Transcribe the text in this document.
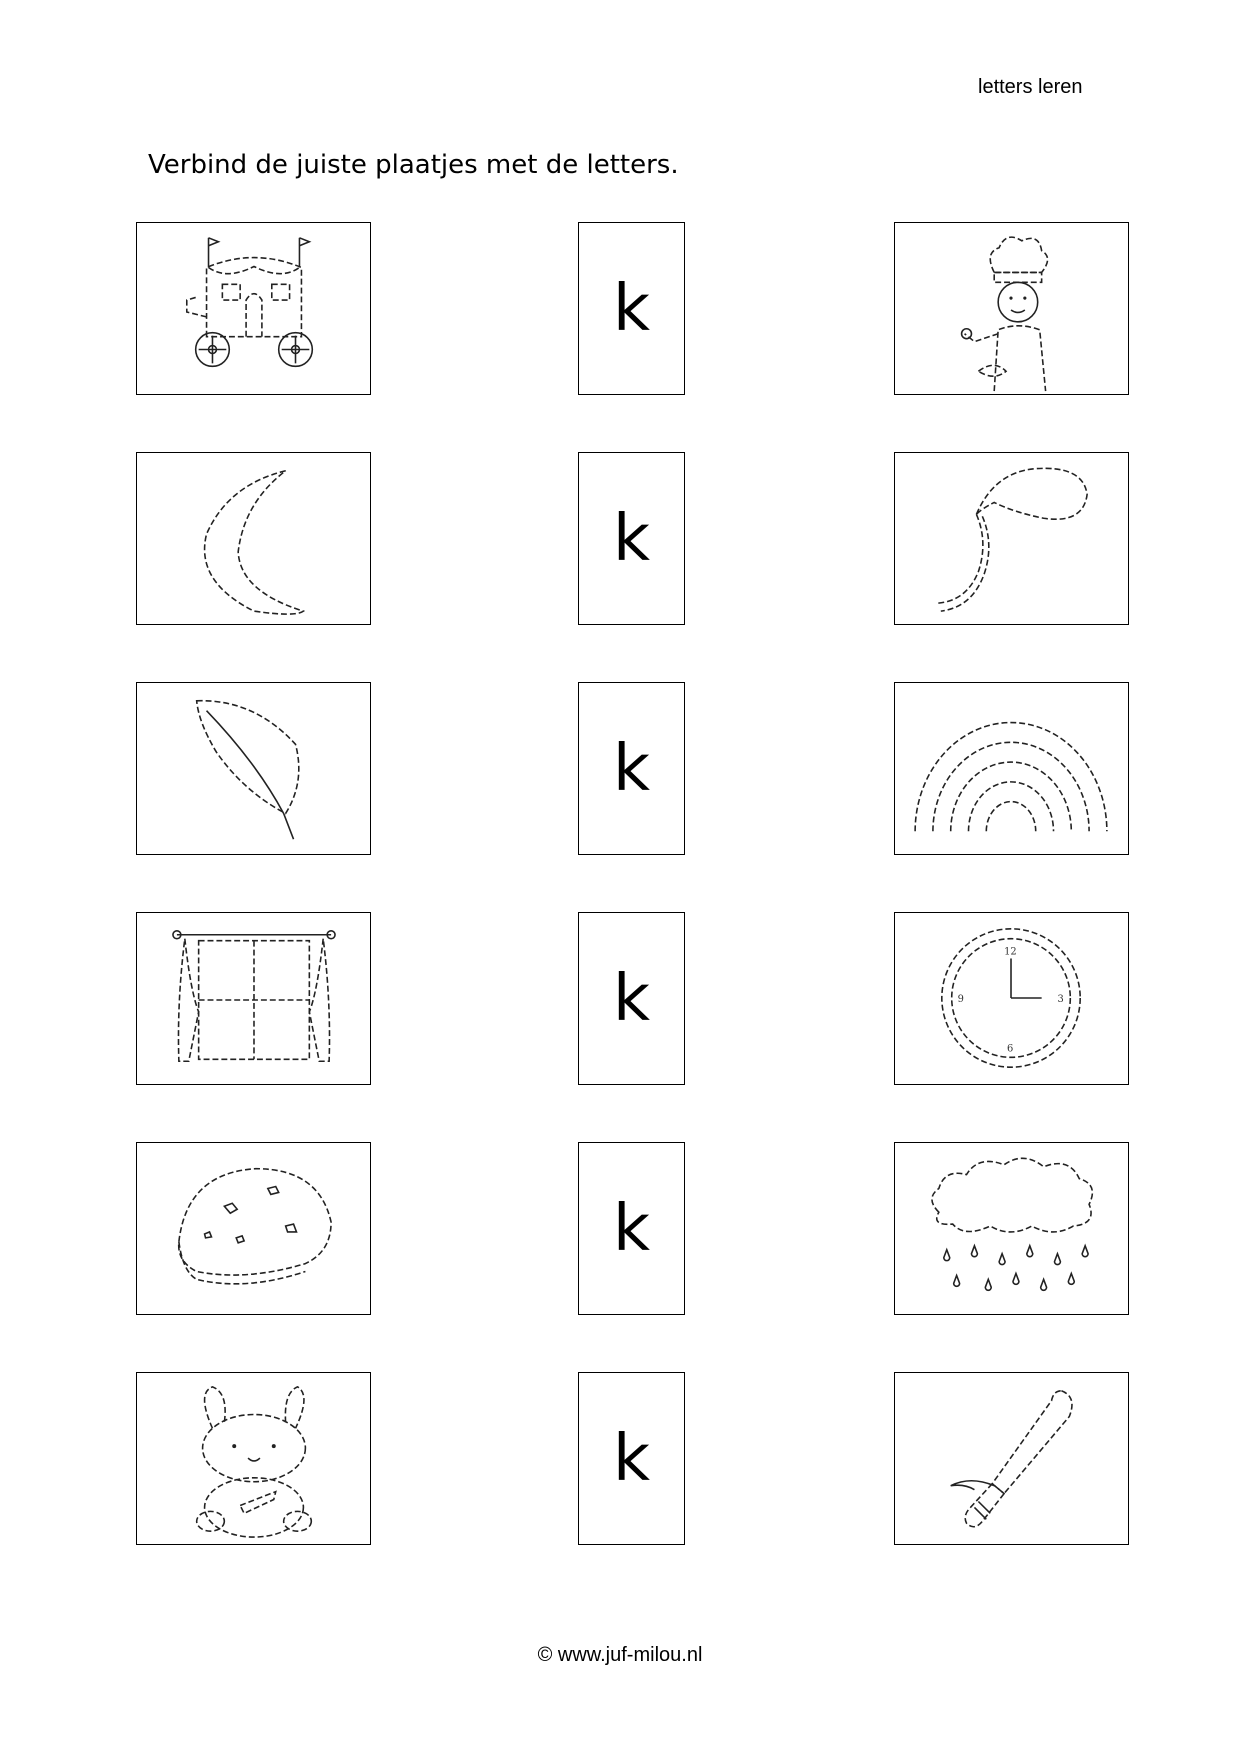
letters leren
Verbind de juiste plaatjes met de letters.
k
k
k
k
12
3
6
9
k
k
© www.juf-milou.nl
